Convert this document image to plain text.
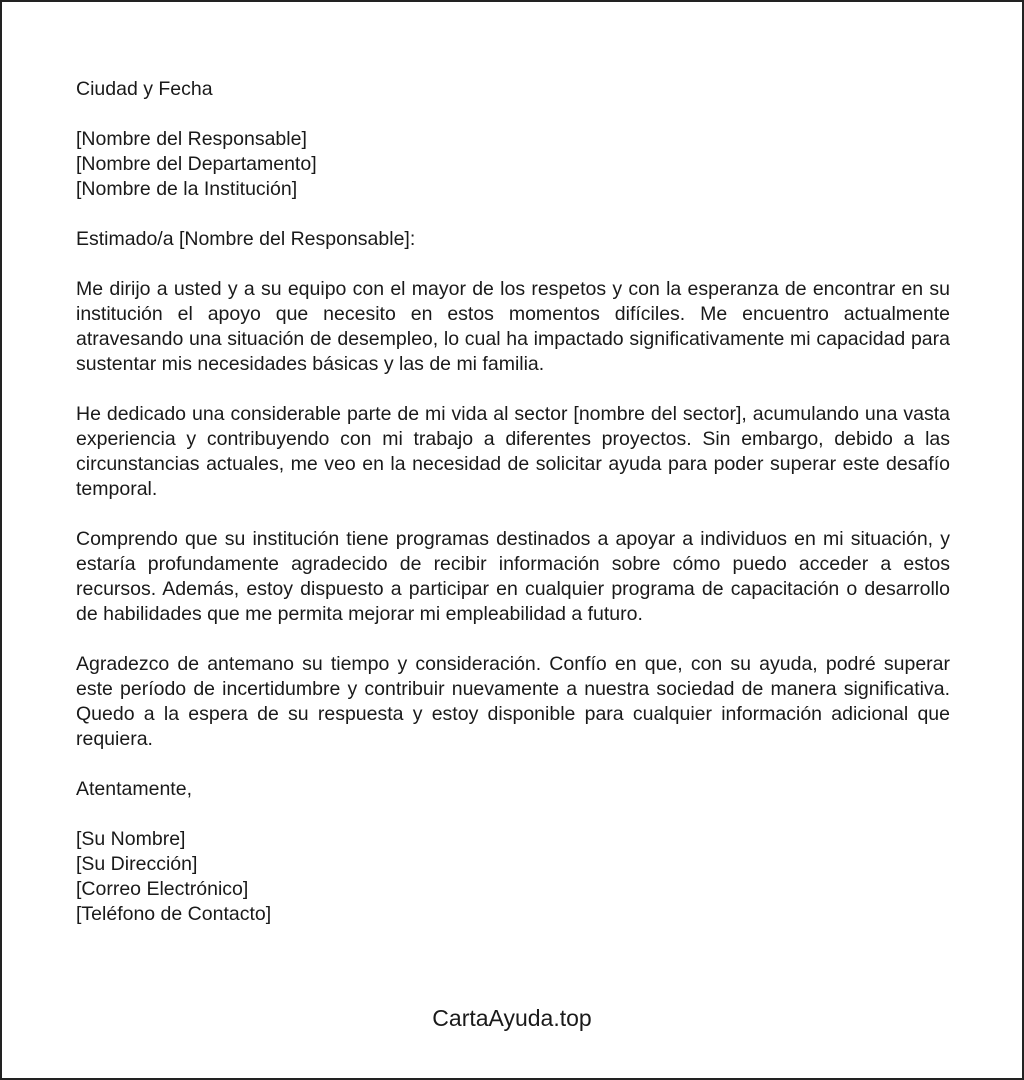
Ciudad y Fecha
[Nombre del Responsable]
[Nombre del Departamento]
[Nombre de la Institución]
Estimado/a [Nombre del Responsable]:

Me dirijo a usted y a su equipo con el mayor de los respetos y con la esperanza de encontrar en su institución el apoyo que necesito en estos momentos difíciles. Me encuentro actualmente atravesando una situación de desempleo, lo cual ha impactado significativamente mi capacidad para sustentar mis necesidades básicas y las de mi familia.

He dedicado una considerable parte de mi vida al sector [nombre del sector], acumulando una vasta experiencia y contribuyendo con mi trabajo a diferentes proyectos. Sin embargo, debido a las circunstancias actuales, me veo en la necesidad de solicitar ayuda para poder superar este desafío temporal.

Comprendo que su institución tiene programas destinados a apoyar a individuos en mi situación, y estaría profundamente agradecido de recibir información sobre cómo puedo acceder a estos recursos. Además, estoy dispuesto a participar en cualquier programa de capacitación o desarrollo de habilidades que me permita mejorar mi empleabilidad a futuro.

Agradezco de antemano su tiempo y consideración. Confío en que, con su ayuda, podré superar este período de incertidumbre y contribuir nuevamente a nuestra sociedad de manera significativa. Quedo a la espera de su respuesta y estoy disponible para cualquier información adicional que requiera.

Atentamente,
[Su Nombre]
[Su Dirección]
[Correo Electrónico]
[Teléfono de Contacto]
CartaAyuda.top
